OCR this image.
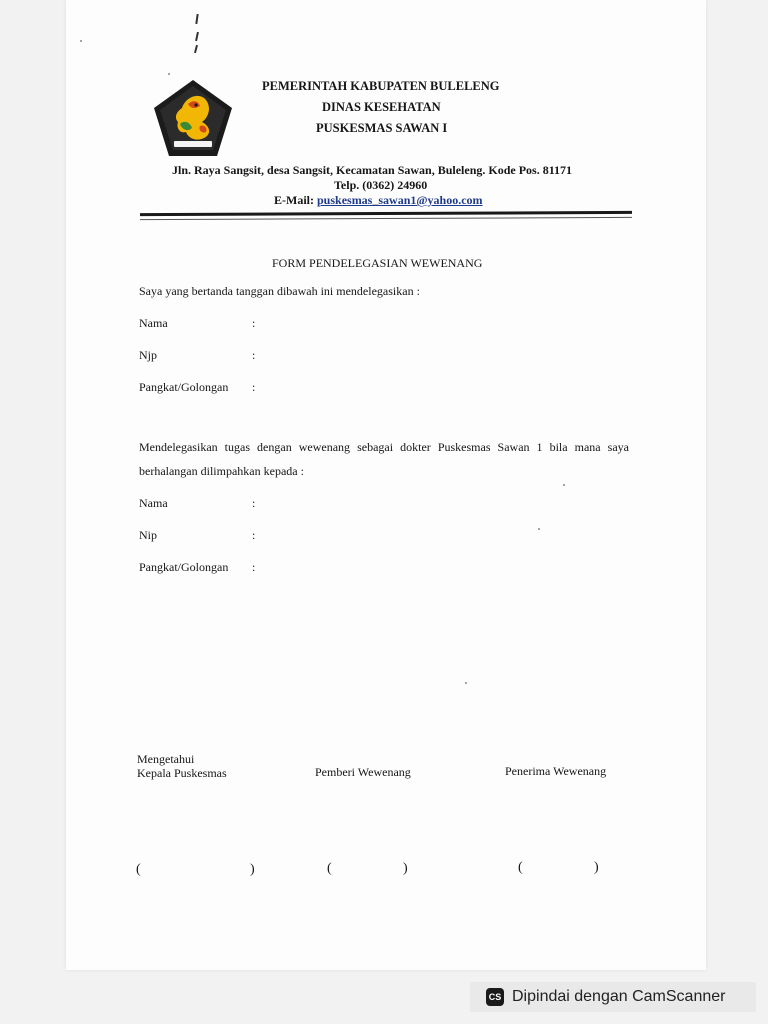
PEMERINTAH KABUPATEN BULELENG
DINAS KESEHATAN
PUSKESMAS SAWAN I
Jln. Raya Sangsit, desa Sangsit, Kecamatan Sawan, Buleleng. Kode Pos. 81171
Telp. (0362) 24960
E-Mail: puskesmas_sawan1@yahoo.com
FORM PENDELEGASIAN WEWENANG
Saya yang bertanda tanggan dibawah ini mendelegasikan :
Nama	:
Njp	:
Pangkat/Golongan :
Mendelegasikan tugas dengan wewenang sebagai dokter Puskesmas Sawan 1 bila mana saya
berhalangan dilimpahkan kepada :
Nama	:
Nip	:
Pangkat/Golongan :
Mengetahui
Kepala Puskesmas	Pemberi Wewenang	Penerima Wewenang
(	)	(	)	(	)
CS Dipindai dengan CamScanner
